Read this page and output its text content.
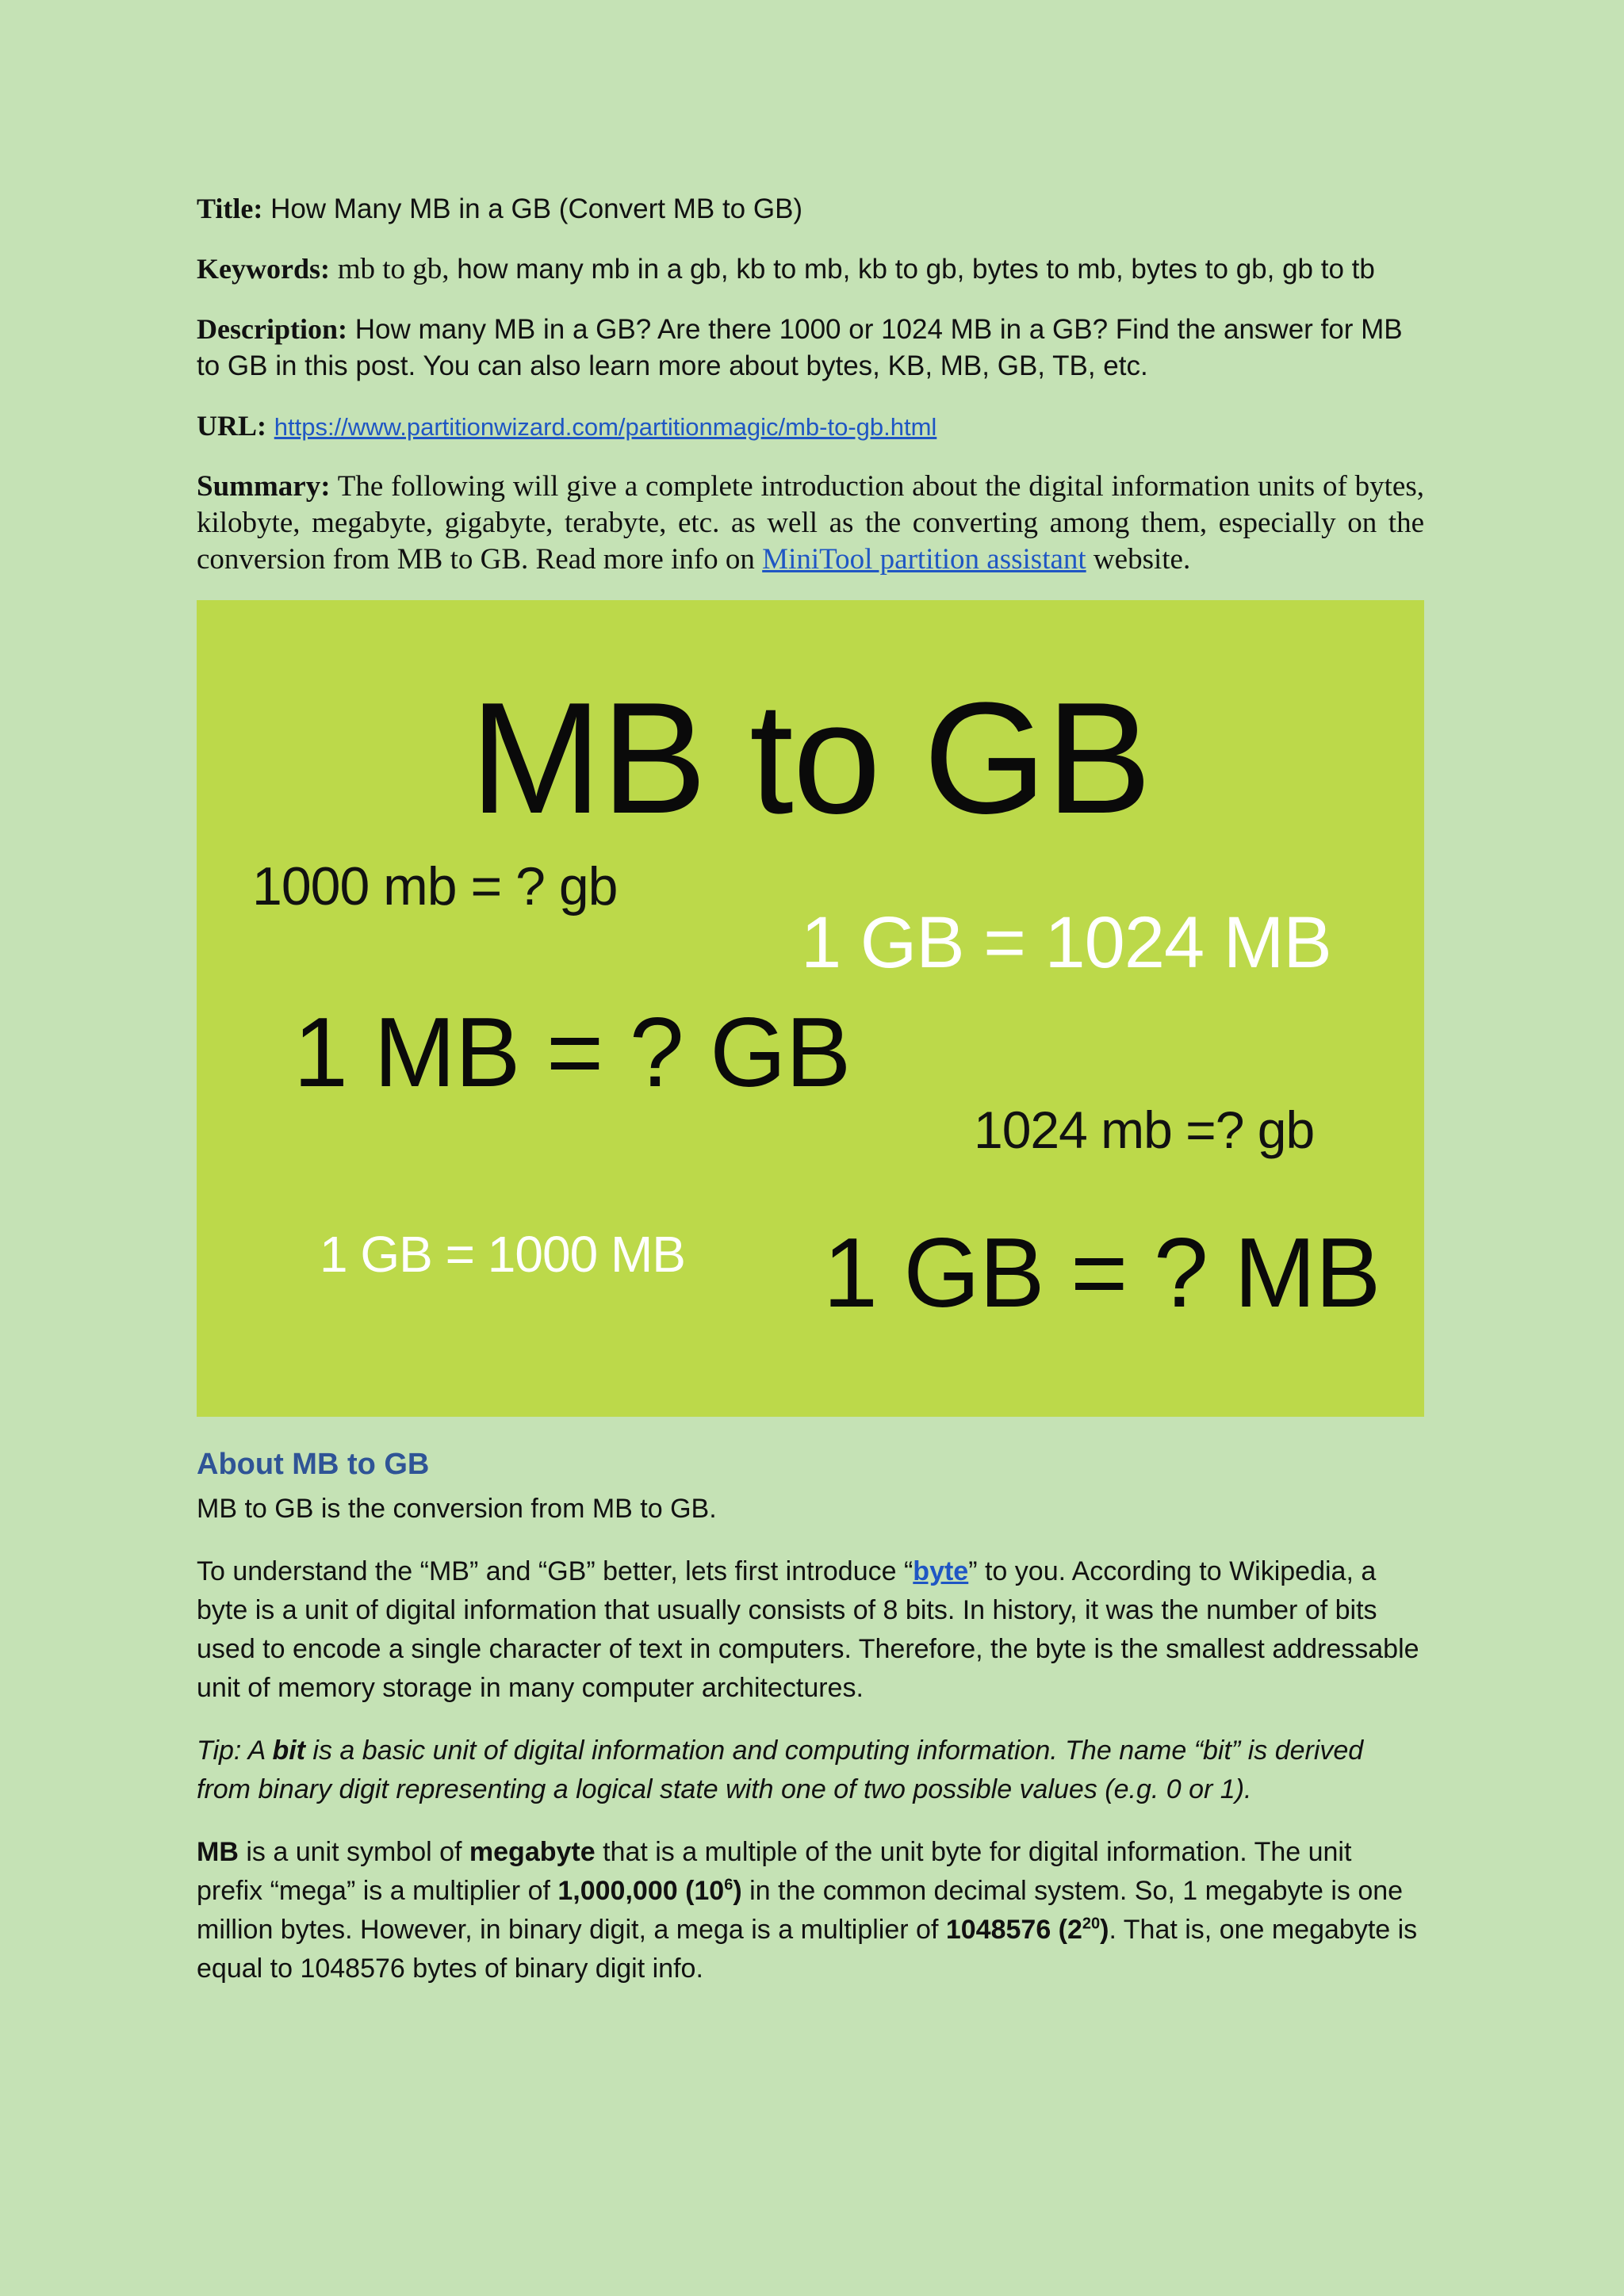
Title: How Many MB in a GB (Convert MB to GB)

Keywords: mb to gb, how many mb in a gb, kb to mb, kb to gb, bytes to mb, bytes to gb, gb to tb

Description: How many MB in a GB? Are there 1000 or 1024 MB in a GB? Find the answer for MB to GB in this post. You can also learn more about bytes, KB, MB, GB, TB, etc.

URL: https://www.partitionwizard.com/partitionmagic/mb-to-gb.html

Summary: The following will give a complete introduction about the digital information units of bytes, kilobyte, megabyte, gigabyte, terabyte, etc. as well as the converting among them, especially on the conversion from MB to GB. Read more info on MiniTool partition assistant website.

MB to GB
1000 mb = ? gb
1 GB = 1024 MB
1 MB = ? GB
1024 mb =? gb
1 GB = 1000 MB 1 GB = ? MB
About MB to GB

MB to GB is the conversion from MB to GB.

To understand the “MB” and “GB” better, lets first introduce “byte” to you. According to Wikipedia, a byte is a unit of digital information that usually consists of 8 bits. In history, it was the number of bits used to encode a single character of text in computers. Therefore, the byte is the smallest addressable unit of memory storage in many computer architectures.

Tip: A bit is a basic unit of digital information and computing information. The name “bit” is derived from binary digit representing a logical state with one of two possible values (e.g. 0 or 1).

MB is a unit symbol of megabyte that is a multiple of the unit byte for digital information. The unit prefix “mega” is a multiplier of 1,000,000 $(10^6)$ in the common decimal system. So, 1 megabyte is one million bytes. However, in binary digit, a mega is a multiplier of 1048576 $(2^{20})$. That is, one megabyte is equal to 1048576 bytes of binary digit info.
